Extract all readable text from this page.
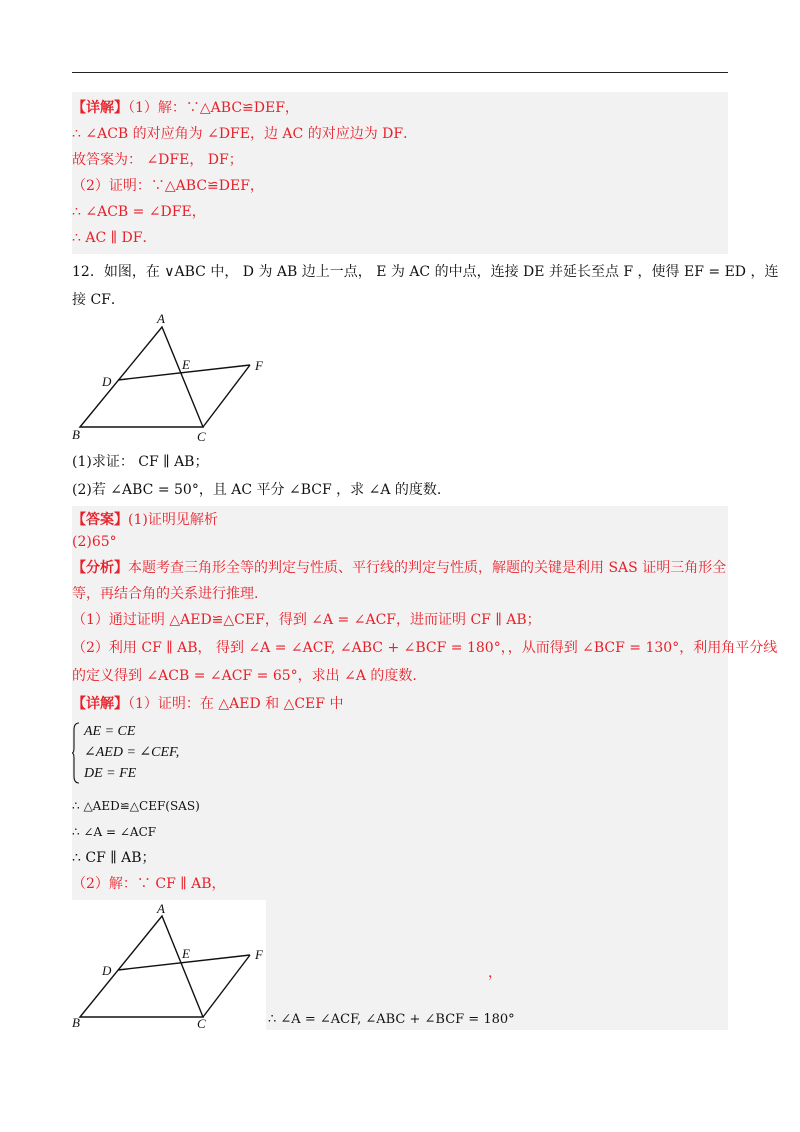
【详解】（1）解：∵△ABC≌DEF，
∴ ∠ACB 的对应角为 ∠DFE，边 AC 的对应边为 DF．
故答案为： ∠DFE， DF；
（2）证明：∵△ABC≌DEF，
∴ ∠ACB = ∠DFE，
∴ AC ∥ DF．
12．如图，在 ∨ABC 中， D 为 AB 边上一点， E 为 AC 的中点，连接 DE 并延长至点 F ，使得 EF = ED ，连
接 CF．
A
B	C
D
E	F
(1)求证： CF ∥ AB；
(2)若 ∠ABC = 50°，且 AC 平分 ∠BCF ，求 ∠A 的度数.
【答案】(1)证明见解析
(2)65°
【分析】本题考查三角形全等的判定与性质、平行线的判定与性质，解题的关键是利用 SAS 证明三角形全
等，再结合角的关系进行推理.
（1）通过证明 △AED≌△CEF，得到 ∠A = ∠ACF，进而证明 CF ∥ AB；
（2）利用 CF ∥ AB， 得到 ∠A = ∠ACF, ∠ABC + ∠BCF = 180°，，从而得到 ∠BCF = 130°，利用角平分线
的定义得到 ∠ACB = ∠ACF = 65°，求出 ∠A 的度数.
【详解】（1）证明：在 △AED 和 △CEF 中
AE = CE
∠AED = ∠CEF,
DE = FE
∴ △AED≌△CEF(SAS)
∴ ∠A = ∠ACF
∴ CF ∥ AB；
（2）解：∵ CF ∥ AB，
A
B	C
D
E	F
，
∴ ∠A = ∠ACF, ∠ABC + ∠BCF = 180°
